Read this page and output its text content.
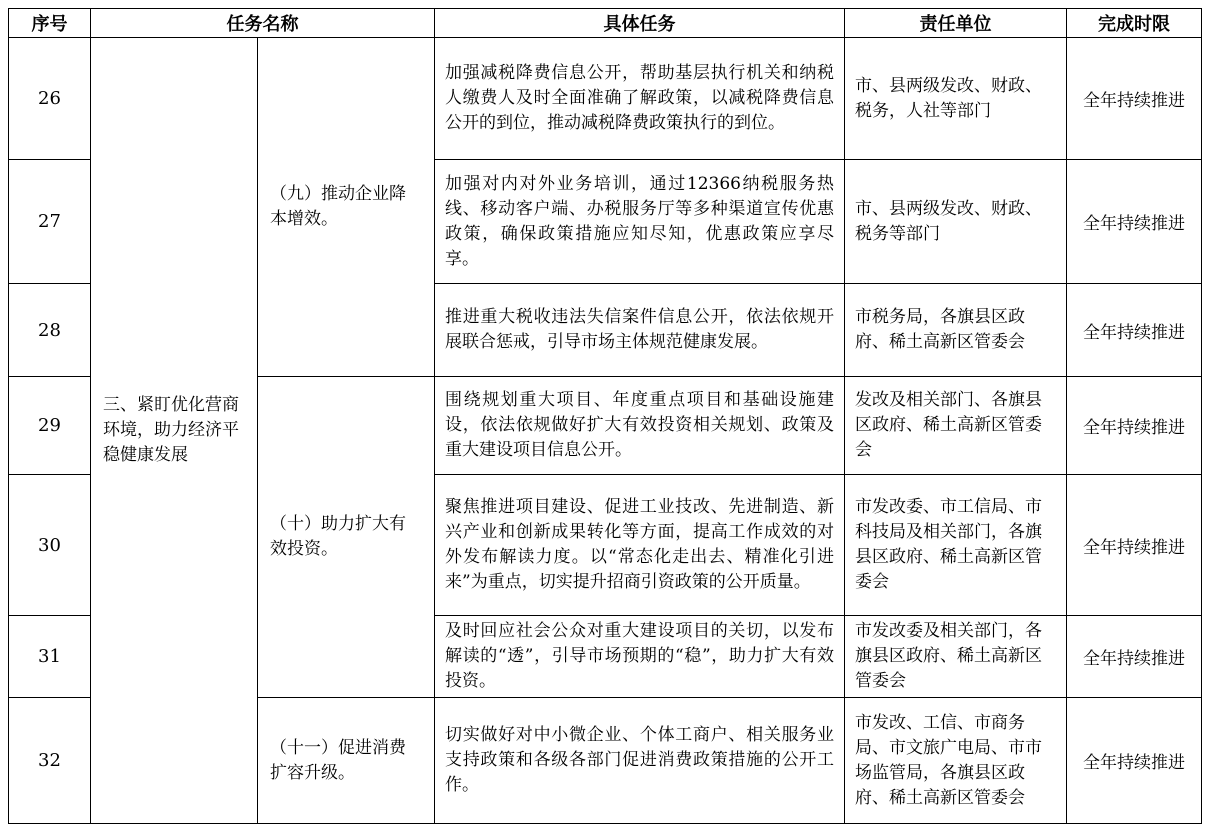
序号	任务名称		具体任务	责任单位	完成时限
26	三、紧盯优化营商环境，助力经济平稳健康发展	（九）推动企业降本增效。	加强减税降费信息公开，帮助基层执行机关和纳税人缴费人及时全面准确了解政策，以减税降费信息公开的到位，推动减税降费政策执行的到位。	市、县两级发改、财政、税务，人社等部门	全年持续推进
27			加强对内对外业务培训，通过12366纳税服务热线、移动客户端、办税服务厅等多种渠道宣传优惠政策，确保政策措施应知尽知，优惠政策应享尽享。	市、县两级发改、财政、税务等部门	全年持续推进
28			推进重大税收违法失信案件信息公开，依法依规开展联合惩戒，引导市场主体规范健康发展。	市税务局，各旗县区政府、稀土高新区管委会	全年持续推进
29		（十）助力扩大有效投资。	围绕规划重大项目、年度重点项目和基础设施建设，依法依规做好扩大有效投资相关规划、政策及重大建设项目信息公开。	发改及相关部门、各旗县区政府、稀土高新区管委会	全年持续推进
30			聚焦推进项目建设、促进工业技改、先进制造、新兴产业和创新成果转化等方面，提高工作成效的对外发布解读力度。以“常态化走出去、精准化引进来”为重点，切实提升招商引资政策的公开质量。	市发改委、市工信局、市科技局及相关部门，各旗县区政府、稀土高新区管委会	全年持续推进
31			及时回应社会公众对重大建设项目的关切，以发布解读的“透”，引导市场预期的“稳”，助力扩大有效投资。	市发改委及相关部门，各旗县区政府、稀土高新区管委会	全年持续推进
32		（十一）促进消费扩容升级。	切实做好对中小微企业、个体工商户、相关服务业支持政策和各级各部门促进消费政策措施的公开工作。	市发改、工信、市商务局、市文旅广电局、市市场监管局，各旗县区政府、稀土高新区管委会	全年持续推进
